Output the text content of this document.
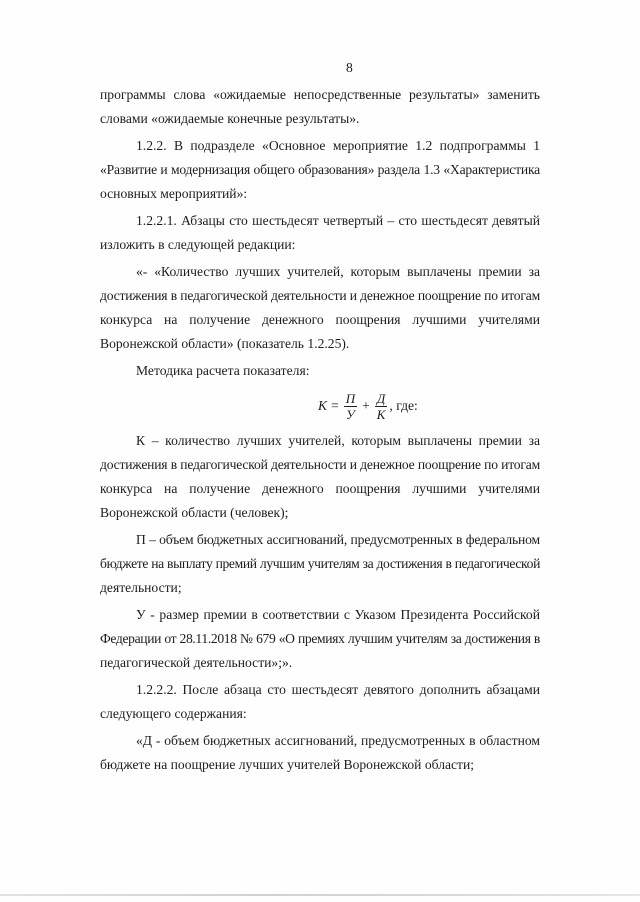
8
программы слова «ожидаемые непосредственные результаты» заменить
словами «ожидаемые конечные результаты».
1.2.2. В подразделе «Основное мероприятие 1.2 подпрограммы 1
«Развитие и модернизация общего образования» раздела 1.3 «Характеристика
основных мероприятий»:
1.2.2.1. Абзацы сто шестьдесят четвертый – сто шестьдесят девятый
изложить в следующей редакции:
«- «Количество лучших учителей, которым выплачены премии за
достижения в педагогической деятельности и денежное поощрение по итогам
конкурса на получение денежного поощрения лучшими учителями
Воронежской области» (показатель 1.2.25).
Методика расчета показателя:
$К = \frac{П}{У} + \frac{Д}{К}$ , где:
К – количество лучших учителей, которым выплачены премии за
достижения в педагогической деятельности и денежное поощрение по итогам
конкурса на получение денежного поощрения лучшими учителями
Воронежской области (человек);
П – объем бюджетных ассигнований, предусмотренных в федеральном
бюджете на выплату премий лучшим учителям за достижения в педагогической
деятельности;
У - размер премии в соответствии с Указом Президента Российской
Федерации от 28.11.2018 № 679 «О премиях лучшим учителям за достижения в
педагогической деятельности»;».
1.2.2.2. После абзаца сто шестьдесят девятого дополнить абзацами
следующего содержания:
«Д - объем бюджетных ассигнований, предусмотренных в областном
бюджете на поощрение лучших учителей Воронежской области;
